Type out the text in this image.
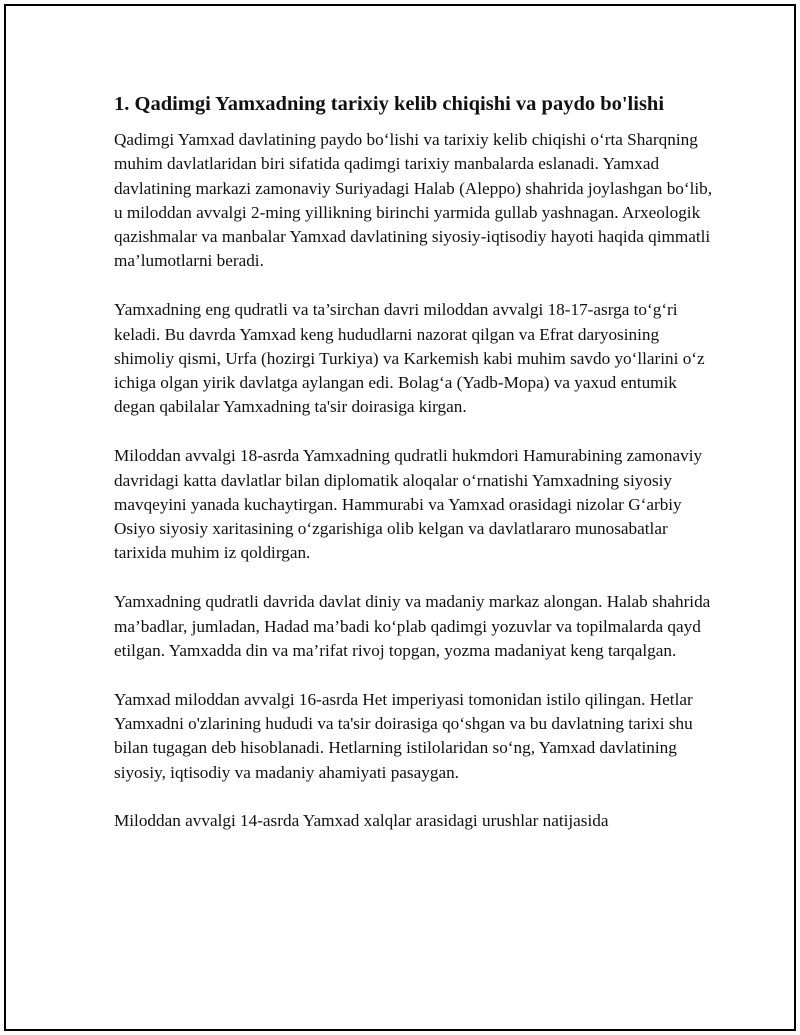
1. Qadimgi Yamxadning tarixiy kelib chiqishi va paydo bo'lishi

Qadimgi Yamxad davlatining paydo bo‘lishi va tarixiy kelib chiqishi o‘rta Sharqning muhim davlatlaridan biri sifatida qadimgi tarixiy manbalarda eslanadi. Yamxad davlatining markazi zamonaviy Suriyadagi Halab (Aleppo) shahrida joylashgan bo‘lib, u miloddan avvalgi 2-ming yillikning birinchi yarmida gullab yashnagan. Arxeologik qazishmalar va manbalar Yamxad davlatining siyosiy-iqtisodiy hayoti haqida qimmatli ma’lumotlarni beradi.

Yamxadning eng qudratli va ta’sirchan davri miloddan avvalgi 18-17-asrga to‘g‘ri keladi. Bu davrda Yamxad keng hududlarni nazorat qilgan va Efrat daryosining shimoliy qismi, Urfa (hozirgi Turkiya) va Karkemish kabi muhim savdo yo‘llarini o‘z ichiga olgan yirik davlatga aylangan edi. Bolag‘a (Yadb-Mopa) va yaxud entumik degan qabilalar Yamxadning ta'sir doirasiga kirgan.

Miloddan avvalgi 18-asrda Yamxadning qudratli hukmdori Hamurabining zamonaviy davridagi katta davlatlar bilan diplomatik aloqalar o‘rnatishi Yamxadning siyosiy mavqeyini yanada kuchaytirgan. Hammurabi va Yamxad orasidagi nizolar G‘arbiy Osiyo siyosiy xaritasining o‘zgarishiga olib kelgan va davlatlararo munosabatlar tarixida muhim iz qoldirgan.

Yamxadning qudratli davrida davlat diniy va madaniy markaz alongan. Halab shahrida ma’badlar, jumladan, Hadad ma’badi ko‘plab qadimgi yozuvlar va topilmalarda qayd etilgan. Yamxadda din va ma’rifat rivoj topgan, yozma madaniyat keng tarqalgan.

Yamxad miloddan avvalgi 16-asrda Het imperiyasi tomonidan istilo qilingan. Hetlar Yamxadni o'zlarining hududi va ta'sir doirasiga qo‘shgan va bu davlatning tarixi shu bilan tugagan deb hisoblanadi. Hetlarning istilolaridan so‘ng, Yamxad davlatining siyosiy, iqtisodiy va madaniy ahamiyati pasaygan.

Miloddan avvalgi 14-asrda Yamxad xalqlar arasidagi urushlar natijasida
